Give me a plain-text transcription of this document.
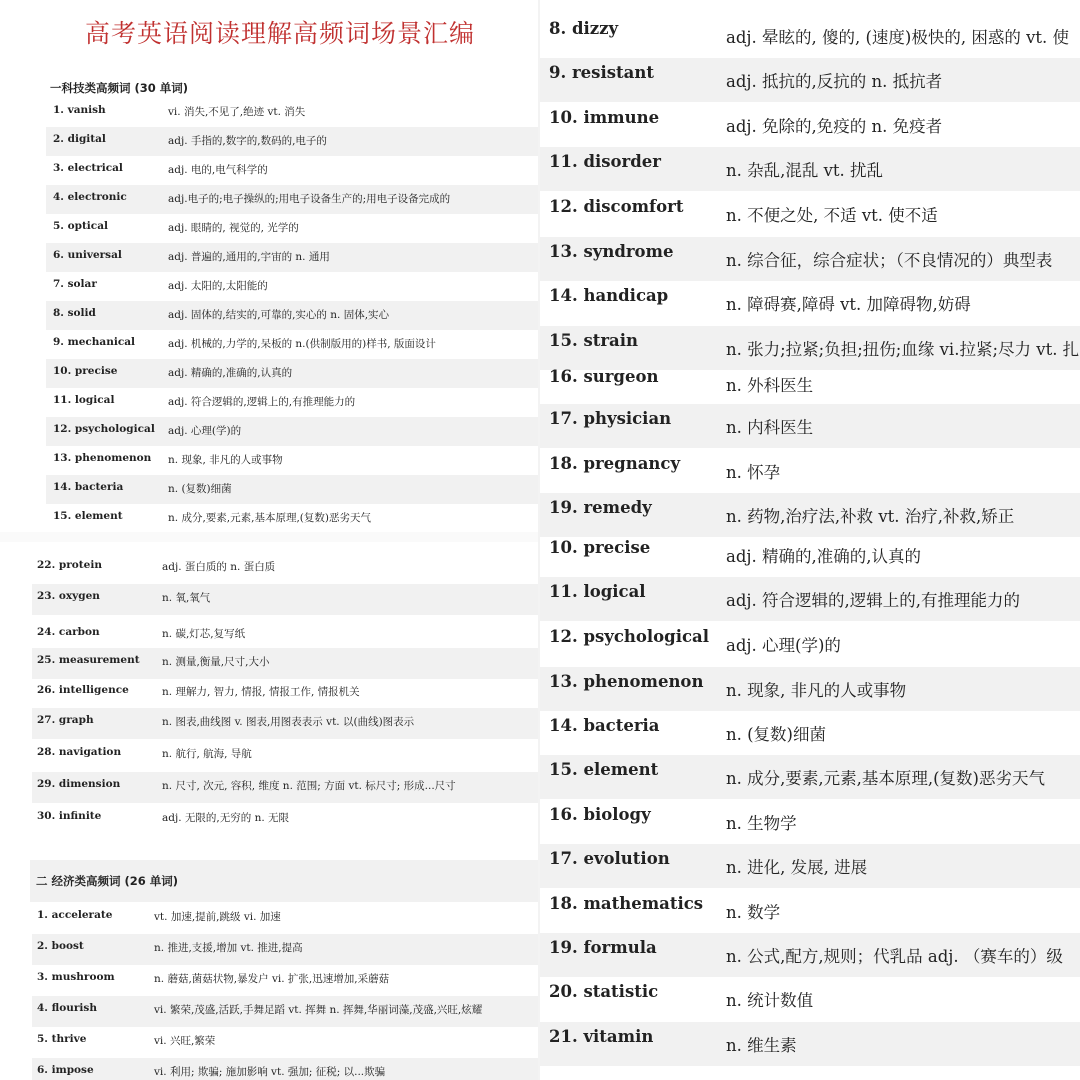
高考英语阅读理解高频词场景汇编
一科技类高频词 (30 单词)
1. vanish	vi. 消失,不见了,绝迹 vt. 消失
2. digital	adj. 手指的,数字的,数码的,电子的
3. electrical	adj. 电的,电气科学的
4. electronic	adj.电子的;电子操纵的;用电子设备生产的;用电子设备完成的
5. optical	adj. 眼睛的, 视觉的, 光学的
6. universal	adj. 普遍的,通用的,宇宙的 n. 通用
7. solar	adj. 太阳的,太阳能的
8. solid	adj. 固体的,结实的,可靠的,实心的 n. 固体,实心
9. mechanical	adj. 机械的,力学的,呆板的 n.(供制版用的)样书, 版面设计
10. precise	adj. 精确的,准确的,认真的
11. logical	adj. 符合逻辑的,逻辑上的,有推理能力的
12. psychological adj. 心理(学)的
13. phenomenon n. 现象, 非凡的人或事物
14. bacteria	n. (复数)细菌
15. element	n. 成分,要素,元素,基本原理,(复数)恶劣天气
22. protein	adj. 蛋白质的 n. 蛋白质
23. oxygen	n. 氧,氧气
24. carbon	n. 碳,灯芯,复写纸
25. measurement n. 测量,衡量,尺寸,大小
26. intelligence	n. 理解力, 智力, 情报, 情报工作, 情报机关
27. graph	n. 图表,曲线图 v. 图表,用图表表示 vt. 以(曲线)图表示
28. navigation	n. 航行, 航海, 导航
29. dimension	n. 尺寸, 次元, 容积, 维度 n. 范围; 方面 vt. 标尺寸; 形成...尺寸
30. infinite	adj. 无限的,无穷的 n. 无限
二 经济类高频词 (26 单词)
1. accelerate	vt. 加速,提前,跳级 vi. 加速
2. boost	n. 推进,支援,增加 vt. 推进,提高
3. mushroom	n. 蘑菇,菌菇状物,暴发户 vi. 扩张,迅速增加,采蘑菇
4. flourish	vi. 繁荣,茂盛,活跃,手舞足蹈 vt. 挥舞 n. 挥舞,华丽词藻,茂盛,兴旺,炫耀
5. thrive	vi. 兴旺,繁荣
6. impose	vi. 利用; 欺骗; 施加影响 vt. 强加; 征税; 以...欺骗
8. dizzy	adj. 晕眩的, 傻的, (速度)极快的, 困惑的 vt. 使
9. resistant	adj. 抵抗的,反抗的 n. 抵抗者
10. immune	adj. 免除的,免疫的 n. 免疫者
11. disorder	n. 杂乱,混乱 vt. 扰乱
12. discomfort	n. 不便之处, 不适 vt. 使不适
13. syndrome	n. 综合征，综合症状；（不良情况的）典型表
14. handicap	n. 障碍赛,障碍 vt. 加障碍物,妨碍
15. strain	n. 张力;拉紧;负担;扭伤;血缘 vi.拉紧;尽力 vt. 扎
16. surgeon	n. 外科医生
17. physician	n. 内科医生
18. pregnancy	n. 怀孕
19. remedy	n. 药物,治疗法,补救 vt. 治疗,补救,矫正
10. precise	adj. 精确的,准确的,认真的
11. logical	adj. 符合逻辑的,逻辑上的,有推理能力的
12. psychological adj. 心理(学)的
13. phenomenon n. 现象, 非凡的人或事物
14. bacteria	n. (复数)细菌
15. element	n. 成分,要素,元素,基本原理,(复数)恶劣天气
16. biology	n. 生物学
17. evolution	n. 进化, 发展, 进展
18. mathematics n. 数学
19. formula	n. 公式,配方,规则；代乳品 adj. （赛车的）级
20. statistic	n. 统计数值
21. vitamin	n. 维生素
